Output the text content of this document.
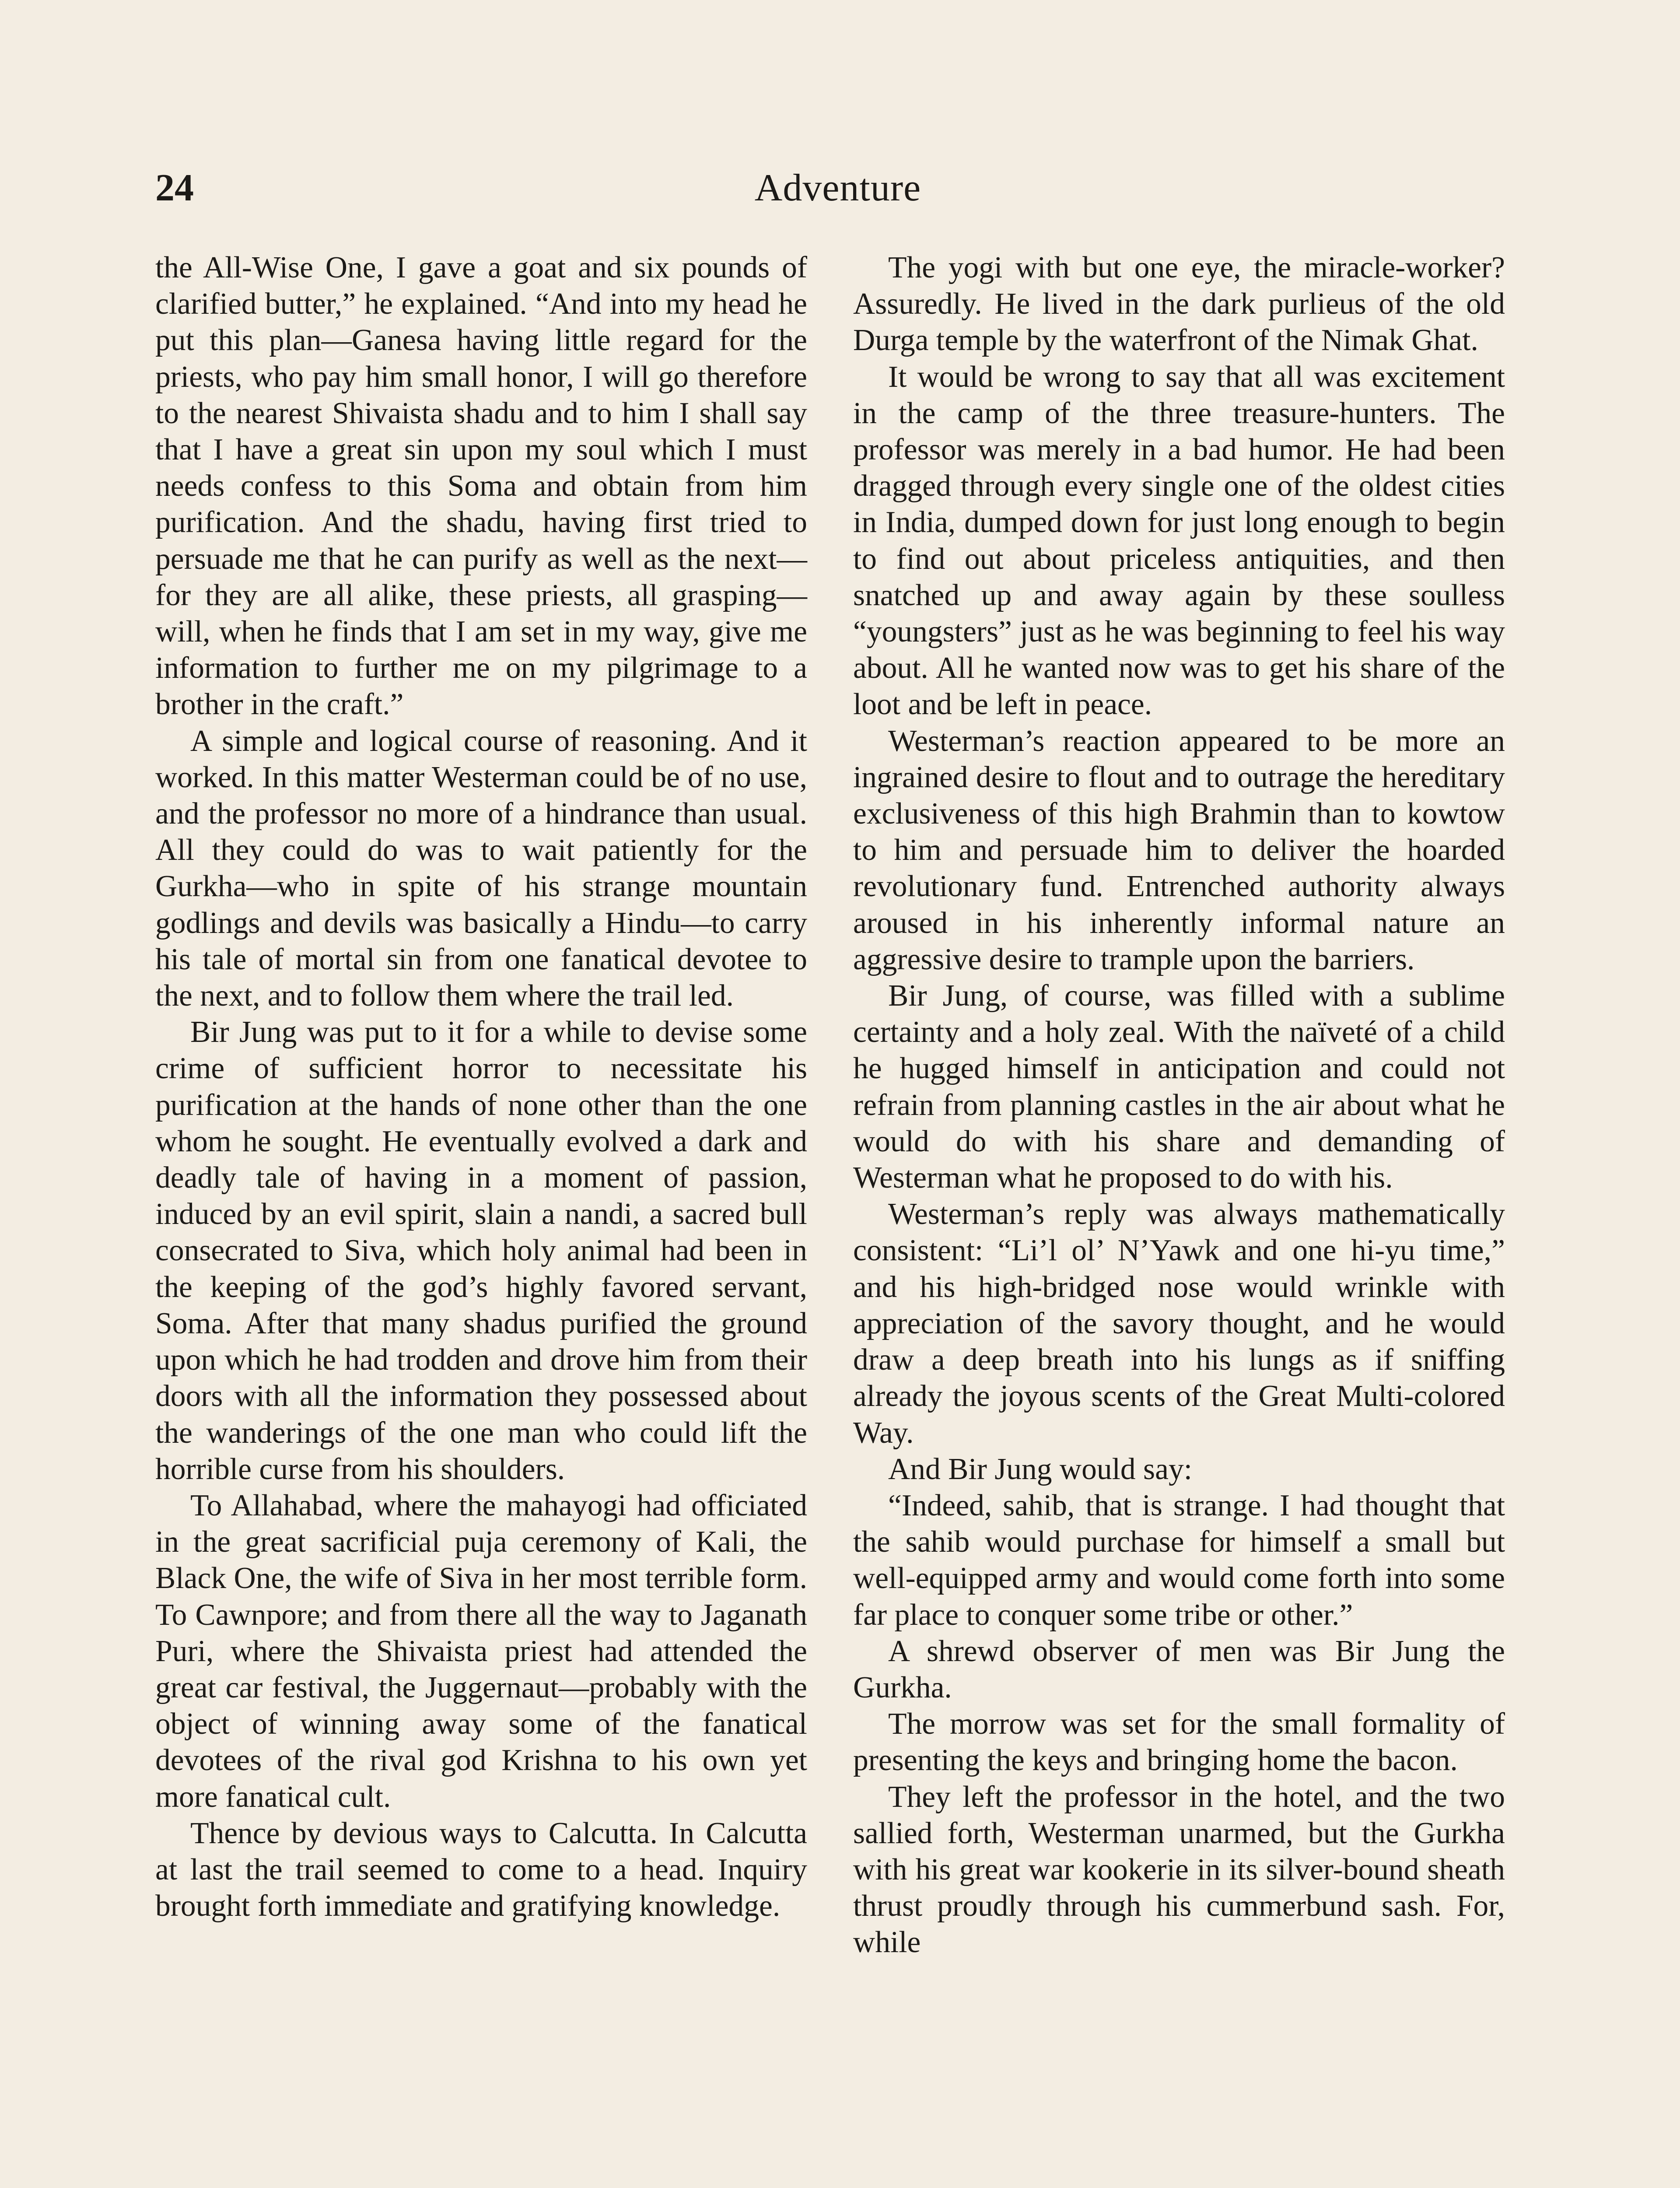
24	Adventure

the All-Wise One, I gave a goat and six pounds of clarified butter,” he explained. “And into my head he put this plan—Ganesa having little regard for the priests, who pay him small honor, I will go therefore to the nearest Shivaista shadu and to him I shall say that I have a great sin upon my soul which I must needs confess to this Soma and obtain from him purification. And the shadu, having first tried to persuade me that he can purify as well as the next—for they are all alike, these priests, all grasping—will, when he finds that I am set in my way, give me information to further me on my pilgrimage to a brother in the craft.”

A simple and logical course of reasoning. And it worked. In this matter Westerman could be of no use, and the professor no more of a hindrance than usual. All they could do was to wait patiently for the Gurkha—who in spite of his strange mountain godlings and devils was basically a Hindu—to carry his tale of mortal sin from one fanatical devotee to the next, and to follow them where the trail led.

Bir Jung was put to it for a while to devise some crime of sufficient horror to necessitate his purification at the hands of none other than the one whom he sought. He eventually evolved a dark and deadly tale of having in a moment of passion, induced by an evil spirit, slain a nandi, a sacred bull consecrated to Siva, which holy animal had been in the keeping of the god’s highly favored servant, Soma. After that many shadus purified the ground upon which he had trodden and drove him from their doors with all the information they possessed about the wanderings of the one man who could lift the horrible curse from his shoulders.

To Allahabad, where the mahayogi had officiated in the great sacrificial puja ceremony of Kali, the Black One, the wife of Siva in her most terrible form. To Cawnpore; and from there all the way to Jaganath Puri, where the Shivaista priest had attended the great car festival, the Juggernaut—probably with the object of winning away some of the fanatical devotees of the rival god Krishna to his own yet more fanatical cult.

Thence by devious ways to Calcutta. In Calcutta at last the trail seemed to come to a head. Inquiry brought forth immediate and gratifying knowledge.

The yogi with but one eye, the miracle-worker? Assuredly. He lived in the dark purlieus of the old Durga temple by the waterfront of the Nimak Ghat.

It would be wrong to say that all was excitement in the camp of the three treasure-hunters. The professor was merely in a bad humor. He had been dragged through every single one of the oldest cities in India, dumped down for just long enough to begin to find out about priceless antiquities, and then snatched up and away again by these soulless “youngsters” just as he was beginning to feel his way about. All he wanted now was to get his share of the loot and be left in peace.

Westerman’s reaction appeared to be more an ingrained desire to flout and to outrage the hereditary exclusiveness of this high Brahmin than to kowtow to him and persuade him to deliver the hoarded revolutionary fund. Entrenched authority always aroused in his inherently informal nature an aggressive desire to trample upon the barriers.

Bir Jung, of course, was filled with a sublime certainty and a holy zeal. With the naïveté of a child he hugged himself in anticipation and could not refrain from planning castles in the air about what he would do with his share and demanding of Westerman what he proposed to do with his.

Westerman’s reply was always mathematically consistent: “Li’l ol’ N’Yawk and one hi-yu time,” and his high-bridged nose would wrinkle with appreciation of the savory thought, and he would draw a deep breath into his lungs as if sniffing already the joyous scents of the Great Multi-colored Way.

And Bir Jung would say:

“Indeed, sahib, that is strange. I had thought that the sahib would purchase for himself a small but well-equipped army and would come forth into some far place to conquer some tribe or other.”

A shrewd observer of men was Bir Jung the Gurkha.

The morrow was set for the small formality of presenting the keys and bringing home the bacon.

They left the professor in the hotel, and the two sallied forth, Westerman unarmed, but the Gurkha with his great war kookerie in its silver-bound sheath thrust proudly through his cummerbund sash. For, while
